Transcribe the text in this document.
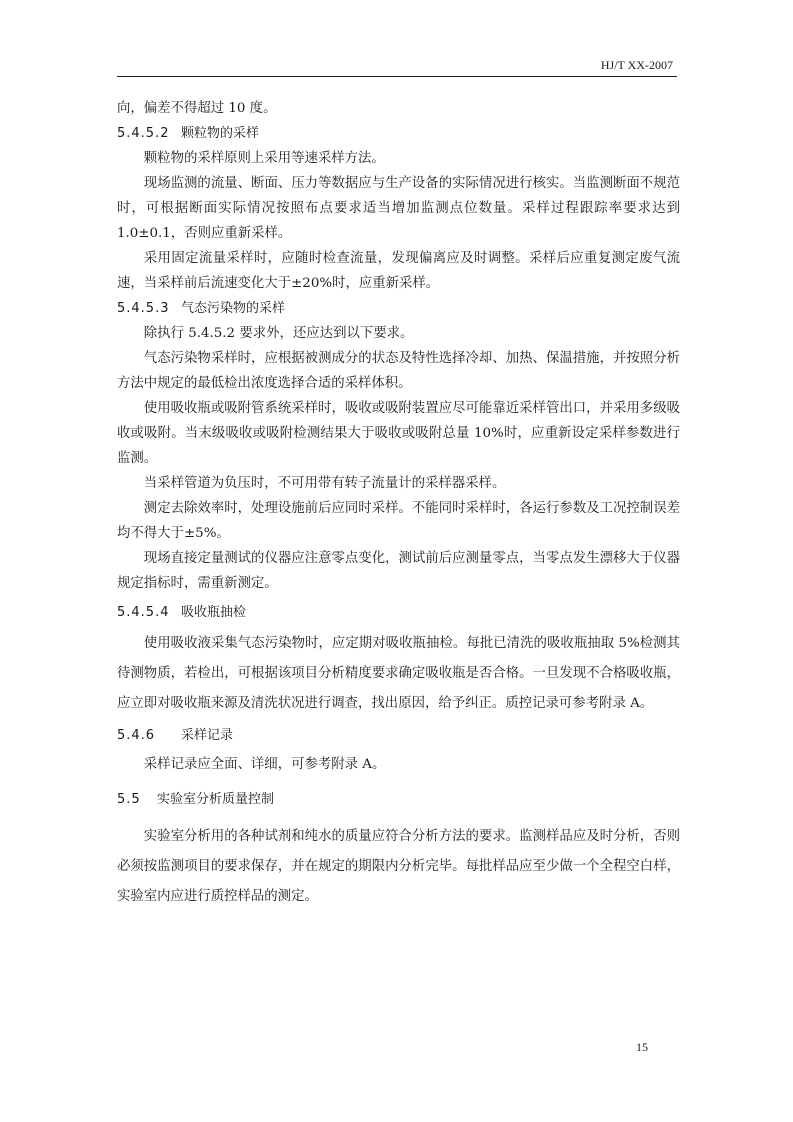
HJ/T XX-2007

向，偏差不得超过 10 度。

5.4.5.2 颗粒物的采样

颗粒物的采样原则上采用等速采样方法。

现场监测的流量、断面、压力等数据应与生产设备的实际情况进行核实。当监测断面不规范时，可根据断面实际情况按照布点要求适当增加监测点位数量。采样过程跟踪率要求达到 1.0±0.1，否则应重新采样。

采用固定流量采样时，应随时检查流量，发现偏离应及时调整。采样后应重复测定废气流速，当采样前后流速变化大于±20%时，应重新采样。

5.4.5.3 气态污染物的采样

除执行 5.4.5.2 要求外，还应达到以下要求。

气态污染物采样时，应根据被测成分的状态及特性选择冷却、加热、保温措施，并按照分析方法中规定的最低检出浓度选择合适的采样体积。

使用吸收瓶或吸附管系统采样时，吸收或吸附装置应尽可能靠近采样管出口，并采用多级吸收或吸附。当末级吸收或吸附检测结果大于吸收或吸附总量 10%时，应重新设定采样参数进行监测。

当采样管道为负压时，不可用带有转子流量计的采样器采样。

测定去除效率时，处理设施前后应同时采样。不能同时采样时，各运行参数及工况控制误差均不得大于±5%。

现场直接定量测试的仪器应注意零点变化，测试前后应测量零点，当零点发生漂移大于仪器规定指标时，需重新测定。

5.4.5.4 吸收瓶抽检

使用吸收液采集气态污染物时，应定期对吸收瓶抽检。每批已清洗的吸收瓶抽取 5%检测其待测物质，若检出，可根据该项目分析精度要求确定吸收瓶是否合格。一旦发现不合格吸收瓶，应立即对吸收瓶来源及清洗状况进行调查，找出原因，给予纠正。质控记录可参考附录 A。

5.4.6 采样记录

采样记录应全面、详细，可参考附录 A。

5.5 实验室分析质量控制

实验室分析用的各种试剂和纯水的质量应符合分析方法的要求。监测样品应及时分析，否则必须按监测项目的要求保存，并在规定的期限内分析完毕。每批样品应至少做一个全程空白样，实验室内应进行质控样品的测定。

15
